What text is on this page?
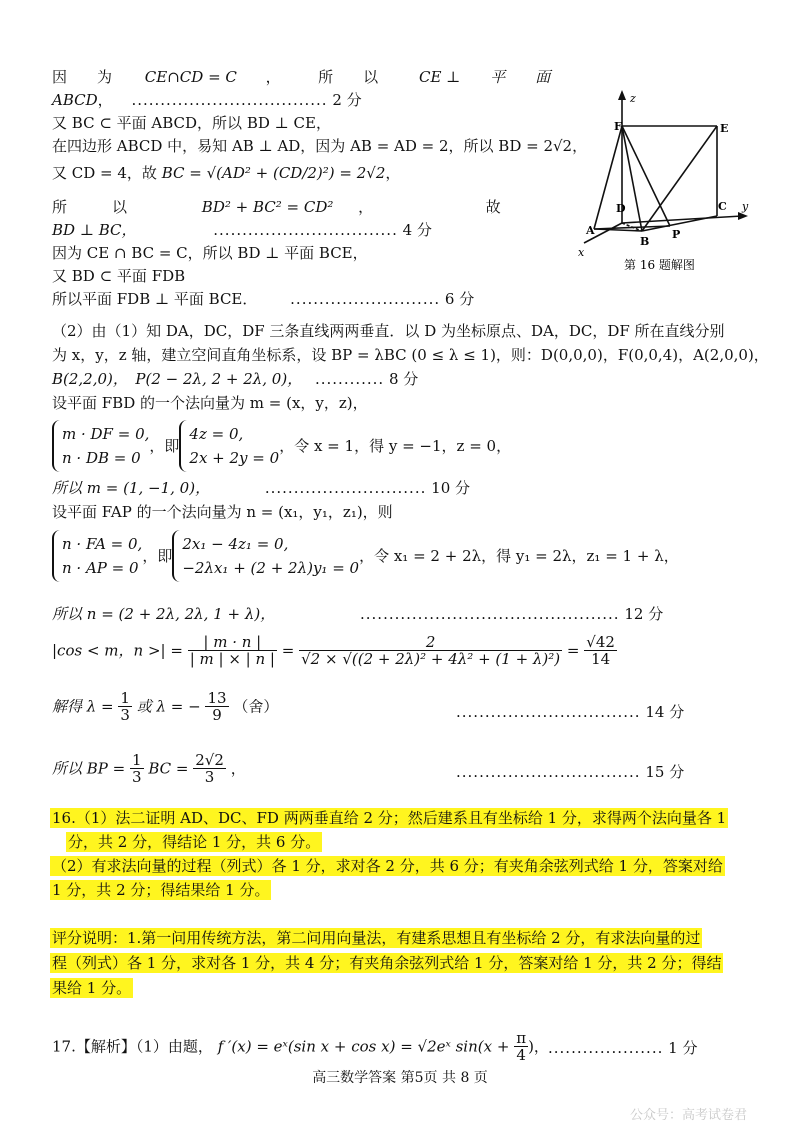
因　　为 CE∩CD = C ，　　　所　　以	CE ⊥　　平　　面
ABCD， .................................. 2 分
又 BC ⊂ 平面 ABCD，所以 BD ⊥ CE，
在四边形 ABCD 中，易知 AB ⊥ AD，因为 AB = AD = 2，所以 BD = 2√2，
又 CD = 4，故 BC = √(AD² + (CD/2)²) = 2√2，
所　　　以	BD² + BC² = CD² ，　　　　　　　　故
BD ⊥ BC，	................................ 4 分
因为 CE ∩ BC = C，所以 BD ⊥ 平面 BCE，
又 BD ⊂ 平面 FDB
所以平面 FDB ⊥ 平面 BCE． .......................... 6 分
z
F	E
D	C y
B
P
A
x
第 16 题解图
（2）由（1）知 DA，DC，DF 三条直线两两垂直．以 D 为坐标原点、DA，DC，DF 所在直线分别
为 x，y，z 轴，建立空间直角坐标系，设 BP = λBC (0 ≤ λ ≤ 1)，则：D(0,0,0)，F(0,0,4)，A(2,0,0)，
B(2,2,0)，　P(2 − 2λ, 2 + 2λ, 0)， ............ 8 分
设平面 FBD 的一个法向量为 m = (x，y，z)，
m · DF = 0,
n · DB = 0
，即
4z = 0,
2x + 2y = 0
，令 x = 1，得 y = −1，z = 0，
所以 m = (1, −1, 0)，	............................ 10 分
设平面 FAP 的一个法向量为 n = (x₁，y₁，z₁)，则
n · FA = 0,
n · AP = 0
，即
2x₁ − 4z₁ = 0,
−2λx₁ + (2 + 2λ)y₁ = 0
，令 x₁ = 2 + 2λ，得 y₁ = 2λ，z₁ = 1 + λ，
所以 n = (2 + 2λ, 2λ, 1 + λ)，	............................................. 12 分
|cos < m，n >| = $\frac{| m \cdot n |}{| m | \times | n |} = \frac{2}{\text{√2 × √((2 + 2λ)² + 4λ² + (1 + λ)²)}} = \frac{√42}{14}$
解得 $\lambda = \frac{1}{3}$ 或 λ = − $\frac{13}{9}$ （舍）	................................ 14 分
所以 BP = $\frac{1}{3}$ BC = $\frac{2√2}{3}$ ，	................................ 15 分
16.（1）法二证明 AD、DC、FD 两两垂直给 2 分；然后建系且有坐标给 1 分，求得两个法向量各 1
分，共 2 分，得结论 1 分，共 6 分。
（2）有求法向量的过程（列式）各 1 分，求对各 2 分，共 6 分；有夹角余弦列式给 1 分，答案对给
1 分，共 2 分；得结果给 1 分。
评分说明：1.第一问用传统方法，第二问用向量法，有建系思想且有坐标给 2 分，有求法向量的过
程（列式）各 1 分，求对各 1 分，共 4 分；有夹角余弦列式给 1 分，答案对给 1 分，共 2 分；得结
果给 1 分。
17.【解析】（1）由题， f ′(x) = eˣ(sin x + cos x) = √2eˣ $\sin(x + \frac{\pi}{4}$ )， .................... 1 分
高三数学答案 第5页 共 8 页
公众号：高考试卷君
